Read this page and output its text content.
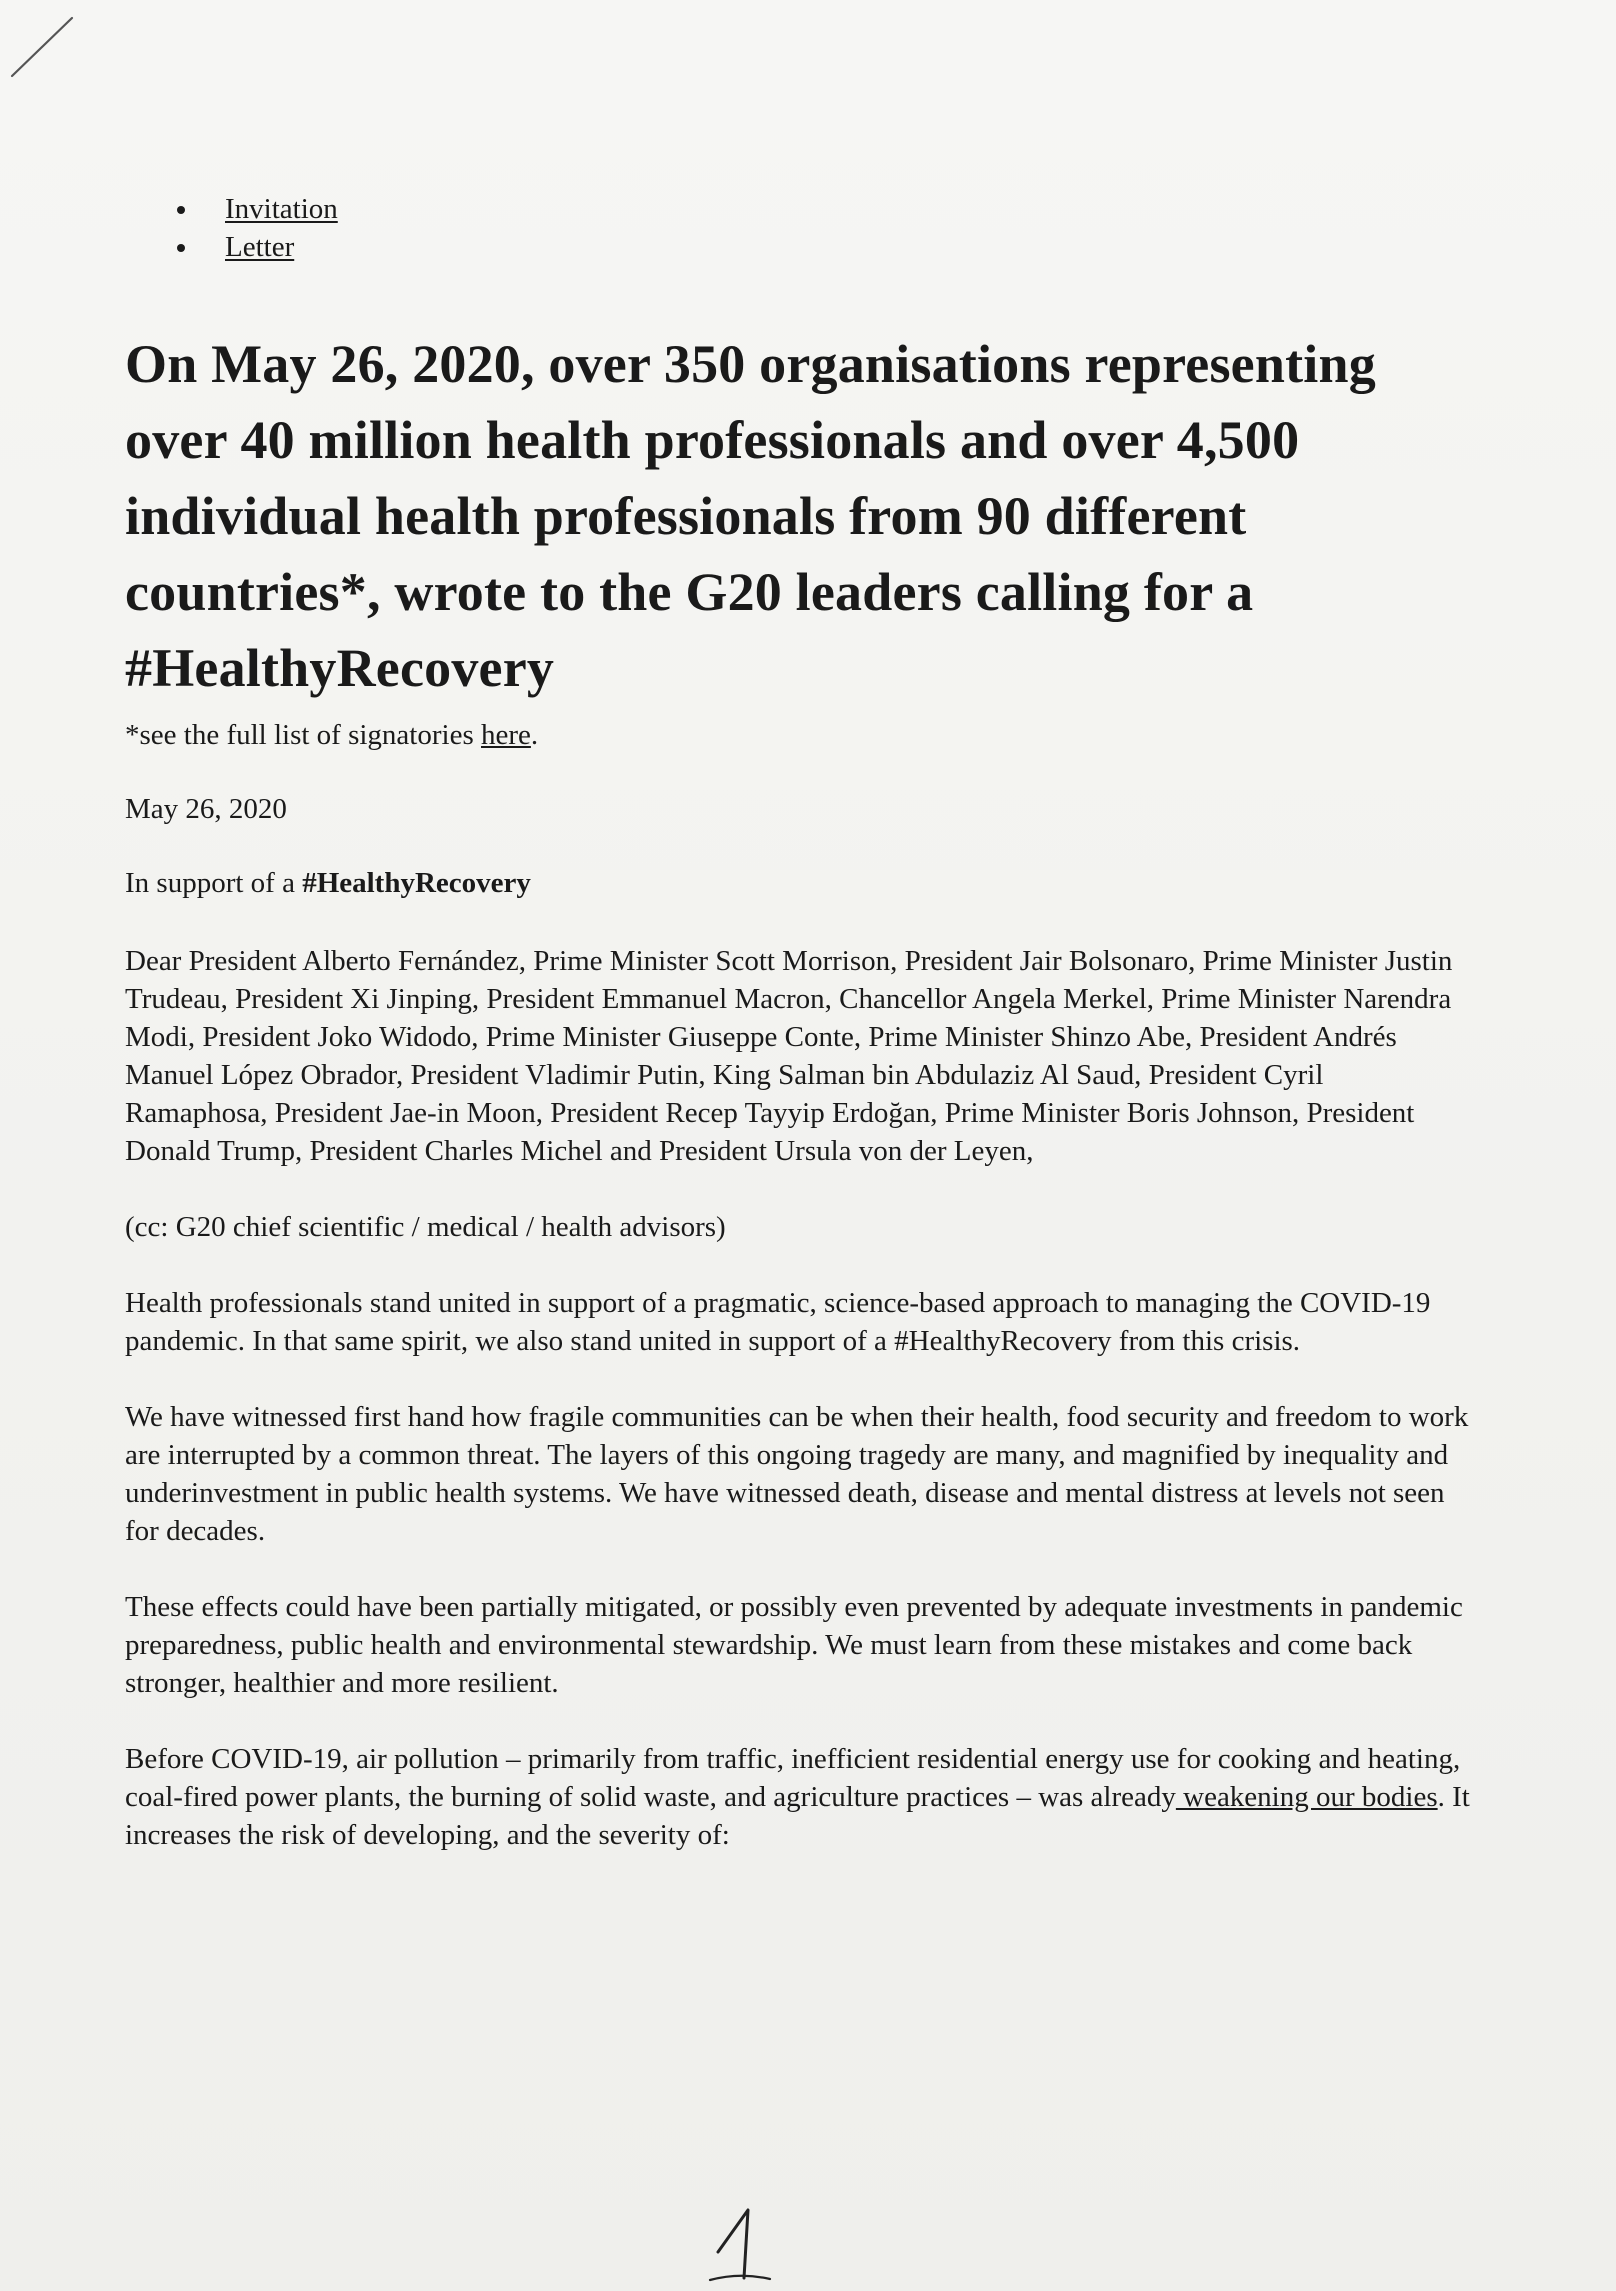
Invitation
Letter
On May 26, 2020, over 350 organisations representing over 40 million health professionals and over 4,500 individual health professionals from 90 different countries*, wrote to the G20 leaders calling for a #HealthyRecovery

*see the full list of signatories here.

May 26, 2020

In support of a #HealthyRecovery

Dear President Alberto Fernández, Prime Minister Scott Morrison, President Jair Bolsonaro, Prime Minister Justin Trudeau, President Xi Jinping, President Emmanuel Macron, Chancellor Angela Merkel, Prime Minister Narendra Modi, President Joko Widodo, Prime Minister Giuseppe Conte, Prime Minister Shinzo Abe, President Andrés Manuel López Obrador, President Vladimir Putin, King Salman bin Abdulaziz Al Saud, President Cyril Ramaphosa, President Jae-in Moon, President Recep Tayyip Erdoğan, Prime Minister Boris Johnson, President Donald Trump, President Charles Michel and President Ursula von der Leyen,

(cc: G20 chief scientific / medical / health advisors)

Health professionals stand united in support of a pragmatic, science-based approach to managing the COVID-19 pandemic. In that same spirit, we also stand united in support of a #HealthyRecovery from this crisis.

We have witnessed first hand how fragile communities can be when their health, food security and freedom to work are interrupted by a common threat. The layers of this ongoing tragedy are many, and magnified by inequality and underinvestment in public health systems. We have witnessed death, disease and mental distress at levels not seen for decades.

These effects could have been partially mitigated, or possibly even prevented by adequate investments in pandemic preparedness, public health and environmental stewardship. We must learn from these mistakes and come back stronger, healthier and more resilient.

Before COVID-19, air pollution – primarily from traffic, inefficient residential energy use for cooking and heating, coal-fired power plants, the burning of solid waste, and agriculture practices – was already weakening our bodies. It increases the risk of developing, and the severity of:
